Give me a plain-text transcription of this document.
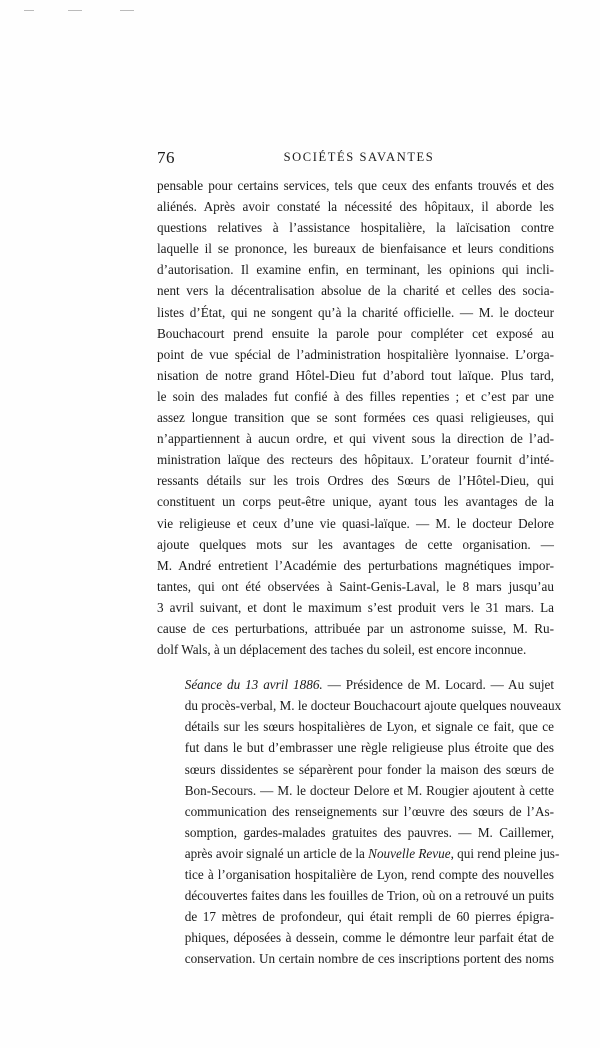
76	SOCIÉTÉS SAVANTES

pensable pour certains services, tels que ceux des enfants trouvés et des
aliénés. Après avoir constaté la nécessité des hôpitaux, il aborde les
questions relatives à l’assistance hospitalière, la laïcisation contre
laquelle il se prononce, les bureaux de bienfaisance et leurs conditions
d’autorisation. Il examine enfin, en terminant, les opinions qui incli-
nent vers la décentralisation absolue de la charité et celles des socia-
listes d’État, qui ne songent qu’à la charité officielle. — M. le docteur
Bouchacourt prend ensuite la parole pour compléter cet exposé au
point de vue spécial de l’administration hospitalière lyonnaise. L’orga-
nisation de notre grand Hôtel-Dieu fut d’abord tout laïque. Plus tard,
le soin des malades fut confié à des filles repenties ; et c’est par une
assez longue transition que se sont formées ces quasi religieuses, qui
n’appartiennent à aucun ordre, et qui vivent sous la direction de l’ad-
ministration laïque des recteurs des hôpitaux. L’orateur fournit d’inté-
ressants détails sur les trois Ordres des Sœurs de l’Hôtel-Dieu, qui
constituent un corps peut-être unique, ayant tous les avantages de la
vie religieuse et ceux d’une vie quasi-laïque. — M. le docteur Delore
ajoute quelques mots sur les avantages de cette organisation. —
M. André entretient l’Académie des perturbations magnétiques impor-
tantes, qui ont été observées à Saint-Genis-Laval, le 8 mars jusqu’au
3 avril suivant, et dont le maximum s’est produit vers le 31 mars. La
cause de ces perturbations, attribuée par un astronome suisse, M. Ru-
dolf Wals, à un déplacement des taches du soleil, est encore inconnue.

Séance du 13 avril 1886. — Présidence de M. Locard. — Au sujet
du procès-verbal, M. le docteur Bouchacourt ajoute quelques nouveaux
détails sur les sœurs hospitalières de Lyon, et signale ce fait, que ce
fut dans le but d’embrasser une règle religieuse plus étroite que des
sœurs dissidentes se séparèrent pour fonder la maison des sœurs de
Bon-Secours. — M. le docteur Delore et M. Rougier ajoutent à cette
communication des renseignements sur l’œuvre des sœurs de l’As-
somption, gardes-malades gratuites des pauvres. — M. Caillemer,
après avoir signalé un article de la Nouvelle Revue, qui rend pleine jus-
tice à l’organisation hospitalière de Lyon, rend compte des nouvelles
découvertes faites dans les fouilles de Trion, où on a retrouvé un puits
de 17 mètres de profondeur, qui était rempli de 60 pierres épigra-
phiques, déposées à dessein, comme le démontre leur parfait état de
conservation. Un certain nombre de ces inscriptions portent des noms
